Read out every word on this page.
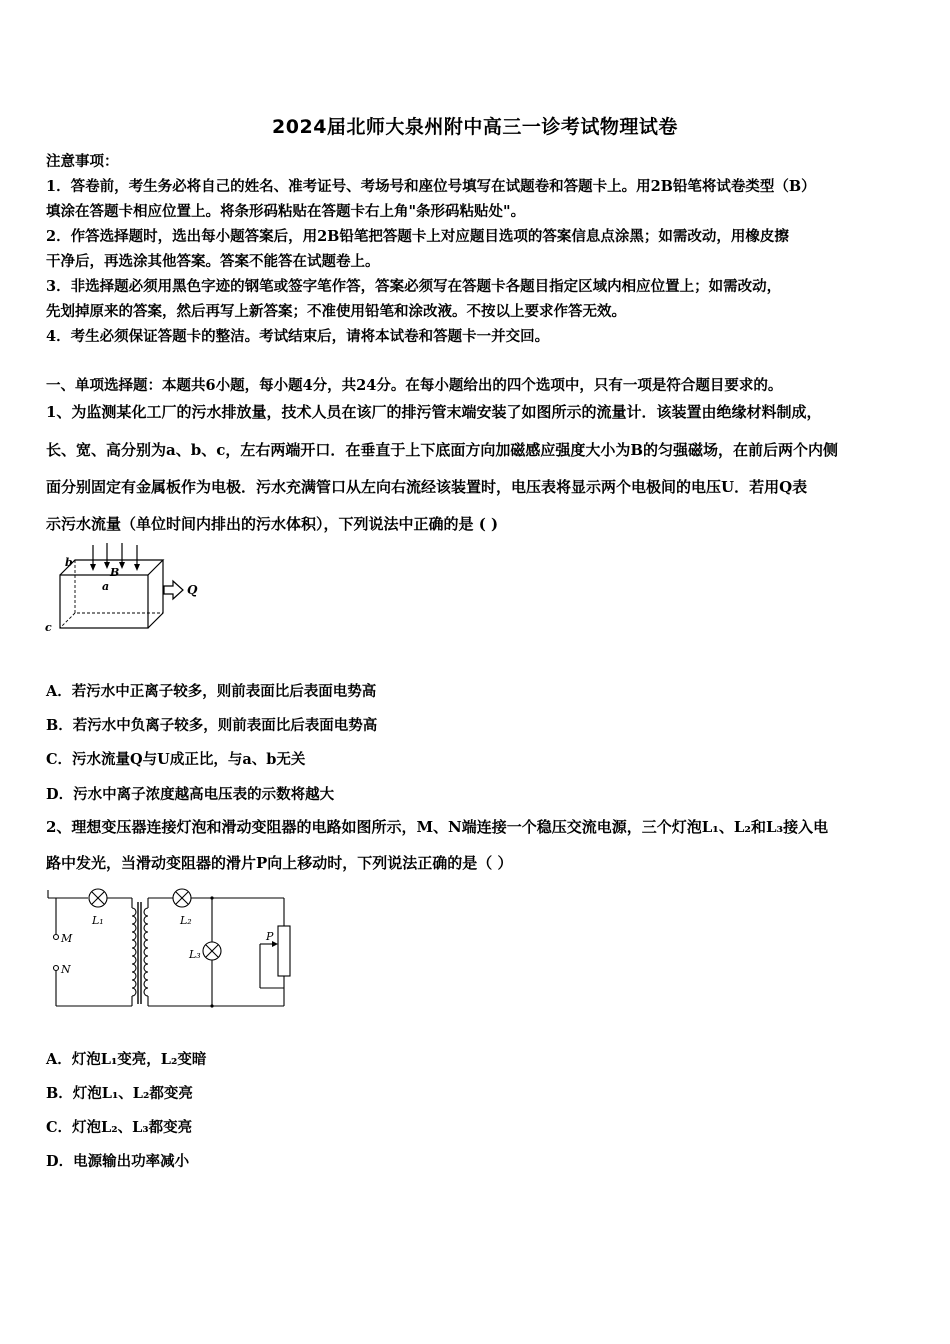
2024届北师大泉州附中高三一诊考试物理试卷
注意事项：
1．答卷前，考生务必将自己的姓名、准考证号、考场号和座位号填写在试题卷和答题卡上。用2B铅笔将试卷类型（B）
填涂在答题卡相应位置上。将条形码粘贴在答题卡右上角"条形码粘贴处"。
2．作答选择题时，选出每小题答案后，用2B铅笔把答题卡上对应题目选项的答案信息点涂黑；如需改动，用橡皮擦
干净后，再选涂其他答案。答案不能答在试题卷上。
3．非选择题必须用黑色字迹的钢笔或签字笔作答，答案必须写在答题卡各题目指定区域内相应位置上；如需改动，
先划掉原来的答案，然后再写上新答案；不准使用铅笔和涂改液。不按以上要求作答无效。
4．考生必须保证答题卡的整洁。考试结束后，请将本试卷和答题卡一并交回。
一、单项选择题：本题共6小题，每小题4分，共24分。在每小题给出的四个选项中，只有一项是符合题目要求的。
1、为监测某化工厂的污水排放量，技术人员在该厂的排污管末端安装了如图所示的流量计．该装置由绝缘材料制成，
长、宽、高分别为a、b、c，左右两端开口．在垂直于上下底面方向加磁感应强度大小为B的匀强磁场，在前后两个内侧
面分别固定有金属板作为电极．污水充满管口从左向右流经该装置时，电压表将显示两个电极间的电压U．若用Q表
示污水流量（单位时间内排出的污水体积），下列说法中正确的是 ( )
b
B
a
c
Q
A．若污水中正离子较多，则前表面比后表面电势高
B．若污水中负离子较多，则前表面比后表面电势高
C．污水流量Q与U成正比，与a、b无关
D．污水中离子浓度越高电压表的示数将越大
2、理想变压器连接灯泡和滑动变阻器的电路如图所示，M、N端连接一个稳压交流电源，三个灯泡L₁、L₂和L₃接入电
路中发光，当滑动变阻器的滑片P向上移动时，下列说法正确的是（ ）
M
N
L₁	L₂
L₃
P
A．灯泡L₁变亮，L₂变暗
B．灯泡L₁、L₂都变亮
C．灯泡L₂、L₃都变亮
D．电源输出功率减小
